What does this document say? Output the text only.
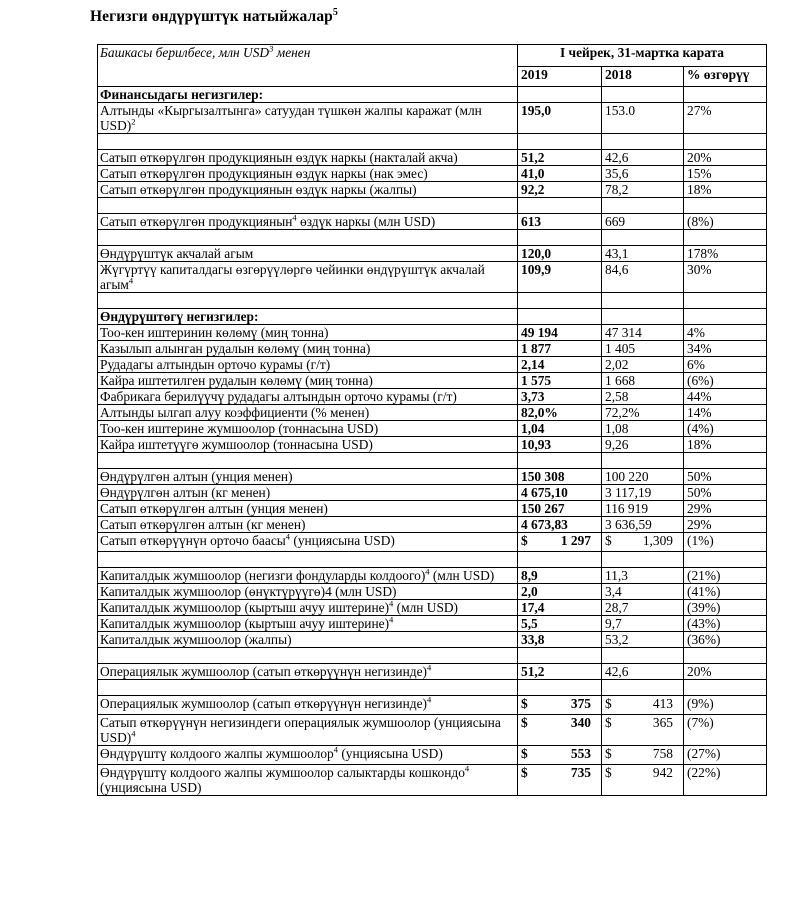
Негизги өндүрүштүк натыйжалар$^5$
Башкасы берилбесе, млн USD$^3$ менен	I чейрек, 31-мартка карата		
	2019	2018	% өзгөрүү
Финансыдагы негизгилер:			
Алтынды «Кыргызалтынга» сатуудан түшкөн жалпы каражат (млн USD)$^2$	195,0	153.0	27%

Сатып өткөрүлгөн продукциянын өздүк наркы (накталай акча)	51,2	42,6	20%
Сатып өткөрүлгөн продукциянын өздүк наркы (нак эмес)	41,0	35,6	15%
Сатып өткөрүлгөн продукциянын өздүк наркы (жалпы)	92,2	78,2	18%

Сатып өткөрүлгөн продукциянын$^4$ өздүк наркы (млн USD)	613	669	(8%)

Өндүрүштүк акчалай агым	120,0	43,1	178%
Жүгүртүү капиталдагы өзгөрүүлөргө чейинки өндүрүштүк акчалай агым$^4$	109,9	84,6	30%

Өндүрүштөгү негизгилер:			
Тоо-кен иштеринин көлөмү (миң тонна)	49 194	47 314	4%
Казылып алынган рудалын көлөмү (миң тонна)	1 877	1 405	34%
Рудадагы алтындын орточо курамы (г/т)	2,14	2,02	6%
Кайра иштетилген рудалын көлөмү (миң тонна)	1 575	1 668	(6%)
Фабрикага берилүүчү рудадагы алтындын орточо курамы (г/т)	3,73	2,58	44%
Алтынды ылгап алуу коэффициенти (% менен)	82,0%	72,2%	14%
Тоо-кен иштерине жумшоолор (тоннасына USD)	1,04	1,08	(4%)
Кайра иштетүүгө жумшоолор (тоннасына USD)	10,93	9,26	18%

Өндүрүлгөн алтын (унция менен)	150 308	100 220	50%
Өндүрүлгөн алтын (кг менен)	4 675,10	3 117,19	50%
Сатып өткөрүлгөн алтын (унция менен)	150 267	116 919	29%
Сатып өткөрүлгөн алтын (кг менен)	4 673,83	3 636,59	29%
Сатып өткөрүүнүн орточо баасы$^4$ (унциясына USD)	$ 1 297	$ 1,309	(1%)

Капиталдык жумшоолор (негизги фондуларды колдоого)$^4$ (млн USD)	8,9	11,3	(21%)
Капиталдык жумшоолор (өнүктүрүүгө)4 (млн USD)	2,0	3,4	(41%)
Капиталдык жумшоолор (кыртыш ачуу иштерине)$^4$ (млн USD)	17,4	28,7	(39%)
Капиталдык жумшоолор (кыртыш ачуу иштерине)$^4$	5,5	9,7	(43%)
Капиталдык жумшоолор (жалпы)	33,8	53,2	(36%)

Операциялык жумшоолор (сатып өткөрүүнүн негизинде)$^4$	51,2	42,6	20%

Операциялык жумшоолор (сатып өткөрүүнүн негизинде)$^4$	$ 375	$ 413	(9%)
Сатып өткөрүүнүн негизиндеги операциялык жумшоолор (унциясына USD)$^4$	$ 340	$ 365	(7%)
Өндүрүштү колдоого жалпы жумшоолор$^4$ (унциясына USD)	$ 553	$ 758	(27%)
Өндүрүштү колдоого жалпы жумшоолор салыктарды кошкондо$^4$ (унциясына USD)	$ 735	$ 942	(22%)
